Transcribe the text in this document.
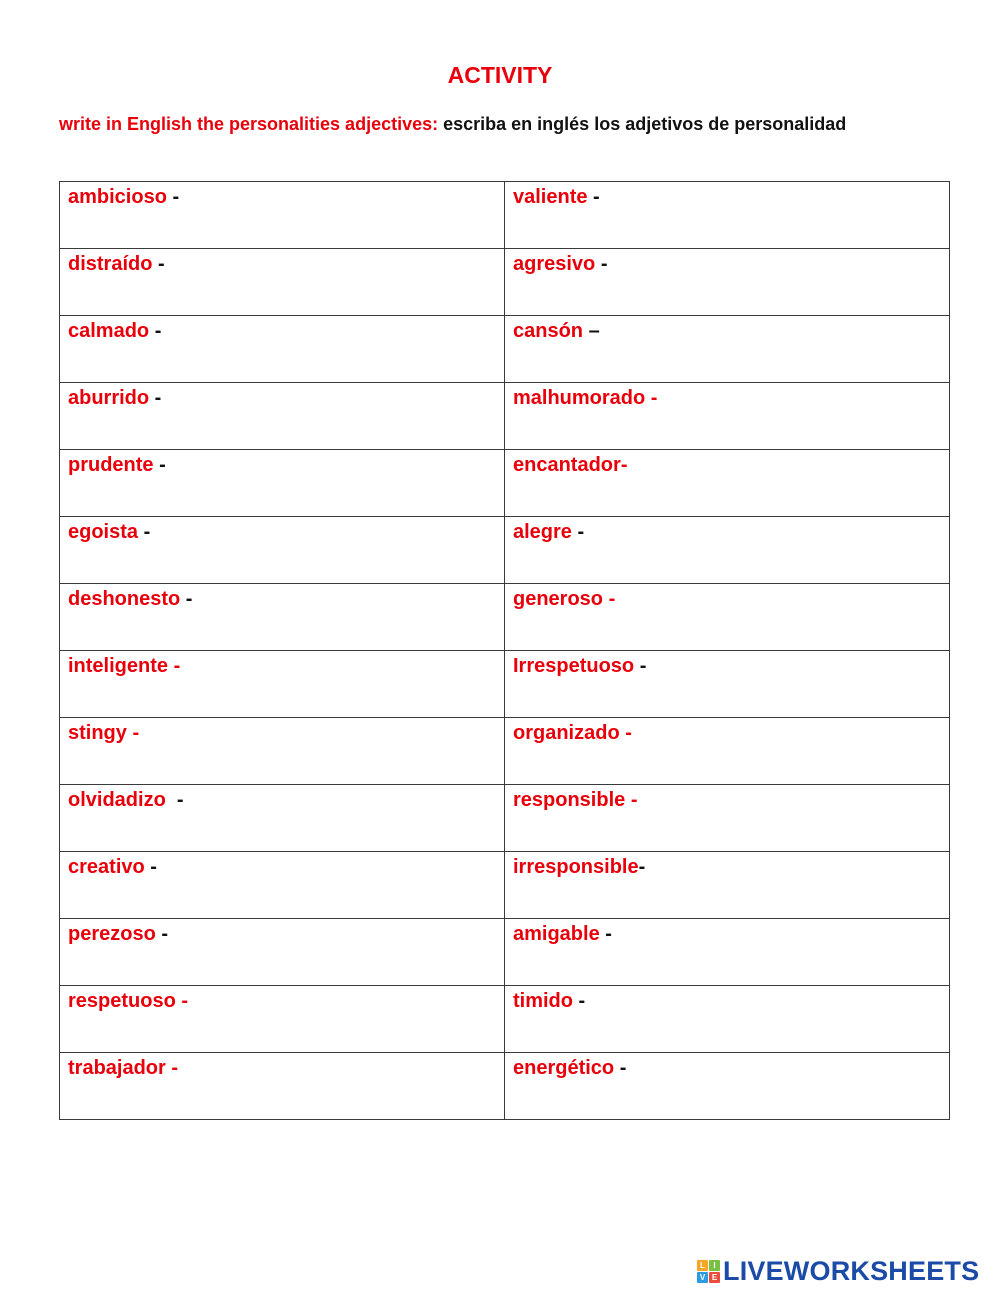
ACTIVITY
write in English the personalities adjectives: escriba en inglés los adjetivos de personalidad
ambicioso -	valiente -
distraído -	agresivo -
calmado -	cansón –
aburrido -	malhumorado -
prudente -	encantador-
egoista -	alegre -
deshonesto -	generoso -
inteligente -	Irrespetuoso -
stingy -	organizado -
olvidadizo  -	responsible -
creativo -	irresponsible-
perezoso -	amigable -
respetuoso -	timido -
trabajador -	energético -
L	I
V E LIVEWORKSHEETS
